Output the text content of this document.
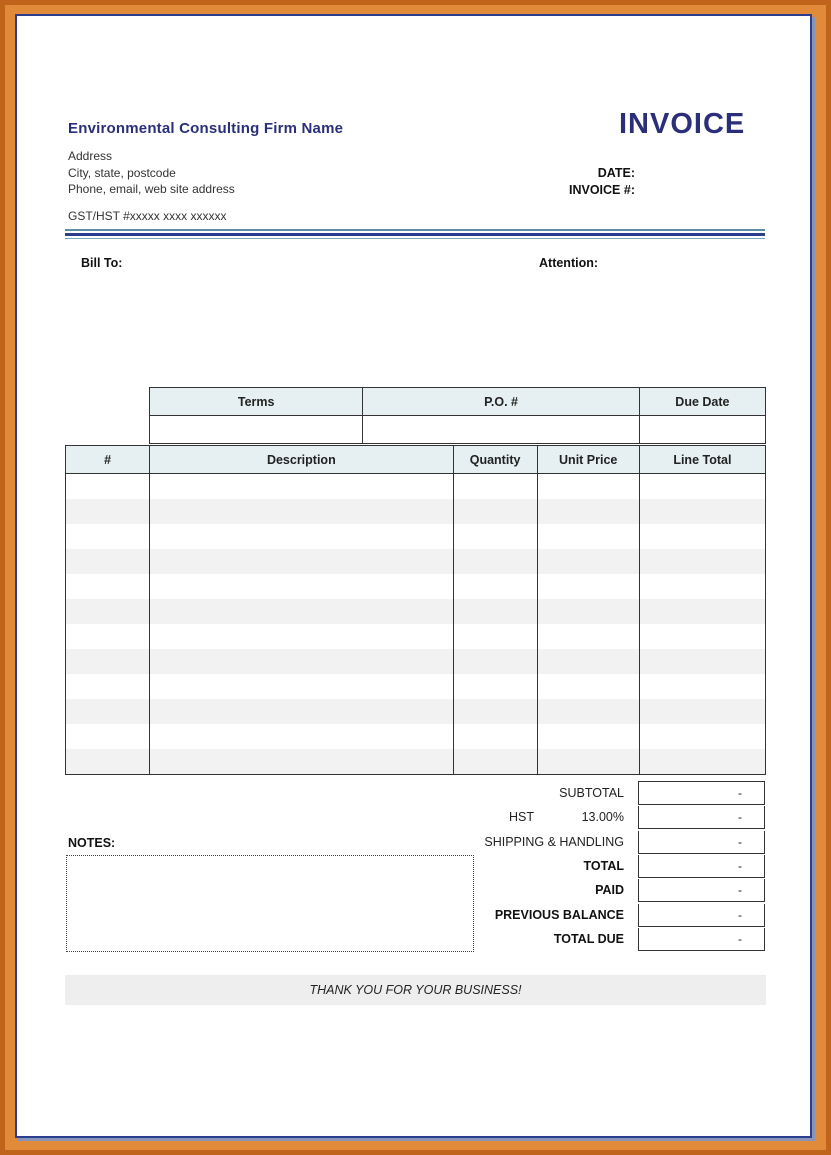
Environmental Consulting Firm Name
Address
City, state, postcode
Phone, email, web site address
GST/HST #xxxxx xxxx xxxxxx
INVOICE
DATE:
INVOICE #:
Bill To:	Attention:
Terms	P.O. #	Due Date

#	Description	Quantity	Unit Price	Line Total

SUBTOTAL	-
HST	13.00%	-
SHIPPING & HANDLING	-
TOTAL	-
PAID	-
PREVIOUS BALANCE	-
TOTAL DUE	-
NOTES:
THANK YOU FOR YOUR BUSINESS!
